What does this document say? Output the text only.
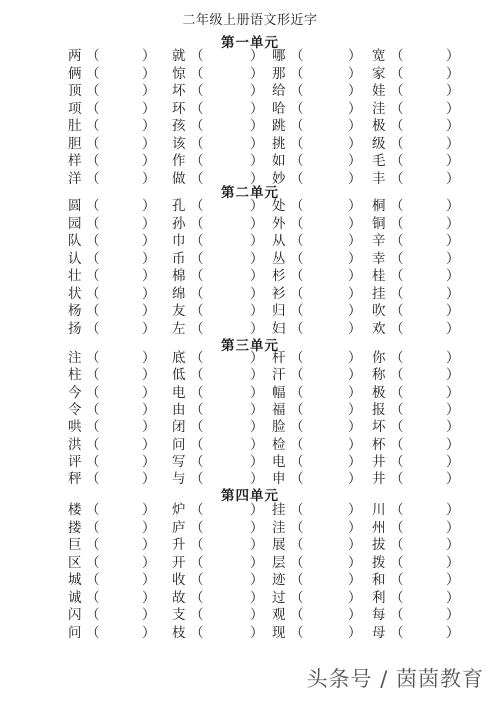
二年级上册语文形近字
第一单元
两 （	） 就 （	） 哪 （	） 宽 （	）
俩 （	） 惊 （	） 那 （	） 家 （	）
顶 （	） 坏 （	） 给 （	） 娃 （	）
项 （	） 环 （	） 哈 （	） 洼 （	）
肚 （	） 孩 （	） 跳 （	） 极 （	）
胆 （	） 该 （	） 挑 （	） 级 （	）
样 （	） 作 （	） 如 （	） 毛 （	）
洋 （	） 做 （	） 妙 （	） 丰 （	）
第二单元
圆 （	） 孔 （	） 处 （	） 桐 （	）
园 （	） 孙 （	） 外 （	） 铜 （	）
队 （	） 巾 （	） 从 （	） 辛 （	）
认 （	） 币 （	） 丛 （	） 幸 （	）
壮 （	） 棉 （	） 杉 （	） 桂 （	）
状 （	） 绵 （	） 衫 （	） 挂 （	）
杨 （	） 友 （	） 归 （	） 吹 （	）
扬 （	） 左 （	） 妇 （	） 欢 （	）
第三单元
注 （	） 底 （	） 杆 （	） 你 （	）
柱 （	） 低 （	） 汗 （	） 称 （	）
今 （	） 电 （	） 幅 （	） 极 （	）
令 （	） 由 （	） 福 （	） 报 （	）
哄 （	） 闭 （	） 脸 （	） 坏 （	）
洪 （	） 问 （	） 检 （	） 杯 （	）
评 （	） 写 （	） 电 （	） 井 （	）
秤 （	） 与 （	） 申 （	） 井 （	）
第四单元
楼 （	） 炉 （	） 挂 （	） 川 （	）
搂 （	） 庐 （	） 洼 （	） 州 （	）
巨 （	） 升 （	） 展 （	） 拔 （	）
区 （	） 开 （	） 层 （	） 拨 （	）
城 （	） 收 （	） 迹 （	） 和 （	）
诚 （	） 故 （	） 过 （	） 利 （	）
闪 （	） 支 （	） 观 （	） 每 （	）
问 （	） 枝 （	） 现 （	） 母 （	）
头条号 / 茵茵教育
